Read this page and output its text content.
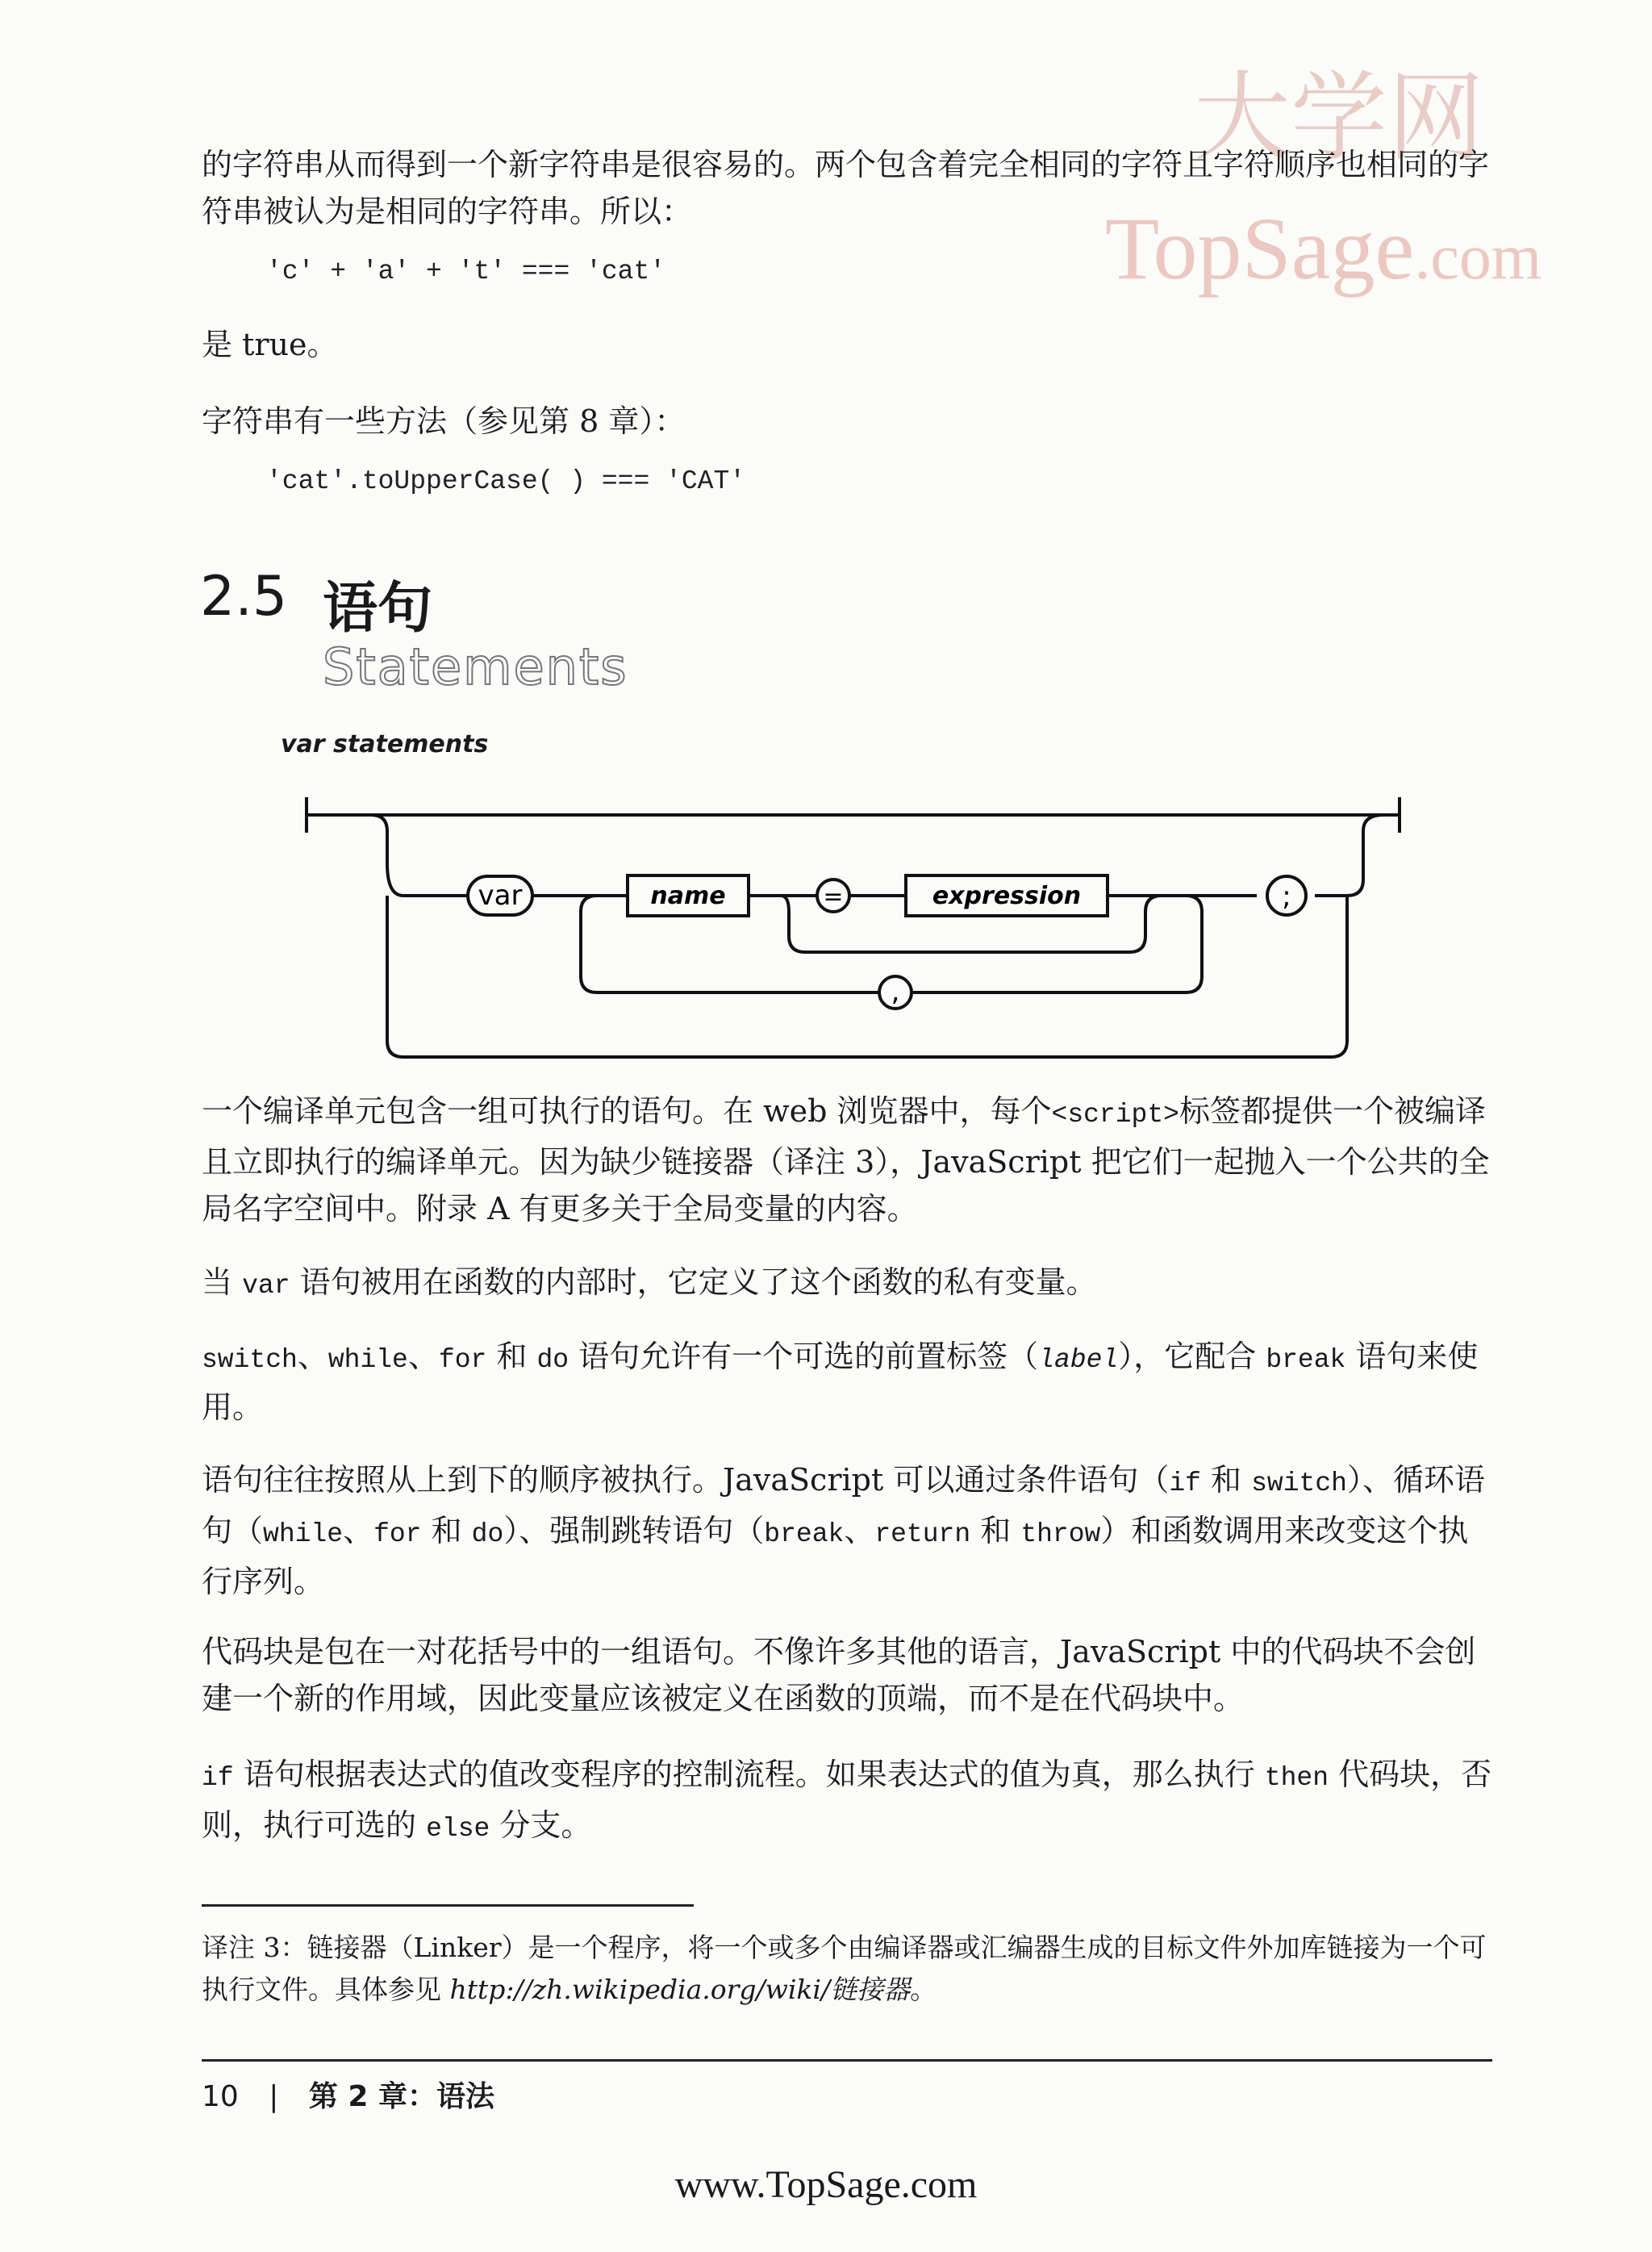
大学网
TopSage.com

的字符串从而得到一个新字符串是很容易的。两个包含着完全相同的字符且字符顺序也相同的字符串被认为是相同的字符串。所以：

'c' + 'a' + 't' === 'cat'

是 true。

字符串有一些方法（参见第 8 章）：

'cat'.toUpperCase( ) === 'CAT'
2.5 语句
Statements
var statements
var	name	=	expression	;
,

一个编译单元包含一组可执行的语句。在 web 浏览器中，每个<script>标签都提供一个被编译且立即执行的编译单元。因为缺少链接器（译注 3），JavaScript 把它们一起抛入一个公共的全局名字空间中。附录 A 有更多关于全局变量的内容。

当 var 语句被用在函数的内部时，它定义了这个函数的私有变量。

switch、while、for 和 do 语句允许有一个可选的前置标签（label），它配合 break 语句来使用。

语句往往按照从上到下的顺序被执行。JavaScript 可以通过条件语句（if 和 switch）、循环语句（while、for 和 do）、强制跳转语句（break、return 和 throw）和函数调用来改变这个执行序列。

代码块是包在一对花括号中的一组语句。不像许多其他的语言，JavaScript 中的代码块不会创建一个新的作用域，因此变量应该被定义在函数的顶端，而不是在代码块中。

if 语句根据表达式的值改变程序的控制流程。如果表达式的值为真，那么执行 then 代码块，否则，执行可选的 else 分支。

译注 3：链接器（Linker）是一个程序，将一个或多个由编译器或汇编器生成的目标文件外加库链接为一个可执行文件。具体参见 http://zh.wikipedia.org/wiki/链接器。
10 | 第 2 章：语法
www.TopSage.com
